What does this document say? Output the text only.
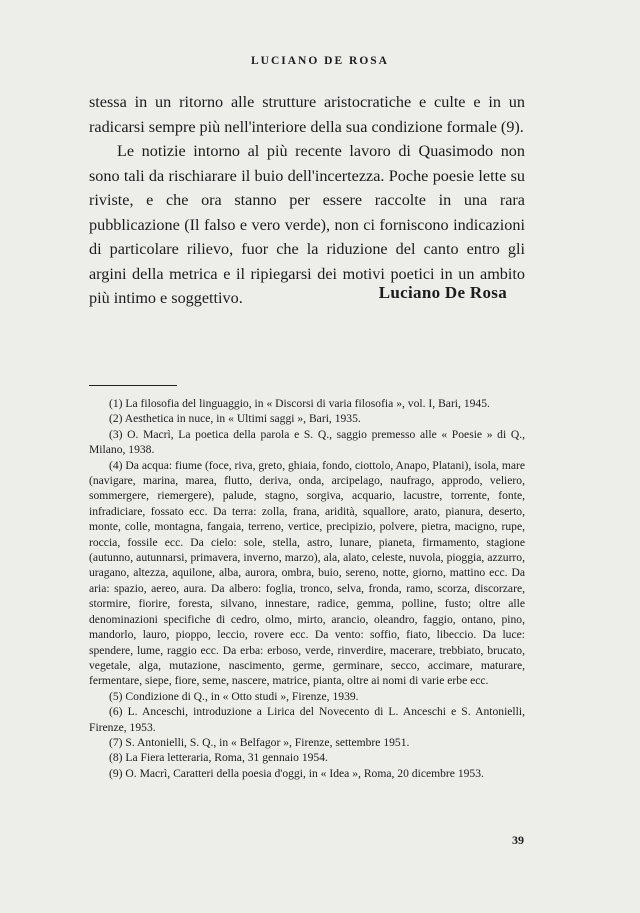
LUCIANO DE ROSA

stessa in un ritorno alle strutture aristocratiche e culte e in un radicarsi sempre più nell'interiore della sua condizione formale (9).

Le notizie intorno al più recente lavoro di Quasimodo non sono tali da rischiarare il buio dell'incertezza. Poche poesie lette su riviste, e che ora stanno per essere raccolte in una rara pubblicazione (Il falso e vero verde), non ci forniscono indicazioni di particolare rilievo, fuor che la riduzione del canto entro gli argini della metrica e il ripiegarsi dei motivi poetici in un ambito più intimo e soggettivo.	Luciano De Rosa

(1) La filosofia del linguaggio, in « Discorsi di varia filosofia », vol. I, Bari, 1945.

(2) Aesthetica in nuce, in « Ultimi saggi », Bari, 1935.

(3) O. Macrì, La poetica della parola e S. Q., saggio premesso alle « Poesie » di Q., Milano, 1938.

(4) Da acqua: fiume (foce, riva, greto, ghiaia, fondo, ciottolo, Anapo, Platani), isola, mare (navigare, marina, marea, flutto, deriva, onda, arcipelago, naufrago, approdo, veliero, sommergere, riemergere), palude, stagno, sorgiva, acquario, lacustre, torrente, fonte, infradiciare, fossato ecc. Da terra: zolla, frana, aridità, squallore, arato, pianura, deserto, monte, colle, montagna, fangaia, terreno, vertice, precipizio, polvere, pietra, macigno, rupe, roccia, fossile ecc. Da cielo: sole, stella, astro, lunare, pianeta, firmamento, stagione (autunno, autunnarsi, primavera, inverno, marzo), ala, alato, celeste, nuvola, pioggia, azzurro, uragano, altezza, aquilone, alba, aurora, ombra, buio, sereno, notte, giorno, mattino ecc. Da aria: spazio, aereo, aura. Da albero: foglia, tronco, selva, fronda, ramo, scorza, discorzare, stormire, fiorire, foresta, silvano, innestare, radice, gemma, polline, fusto; oltre alle denominazioni specifiche di cedro, olmo, mirto, arancio, oleandro, faggio, ontano, pino, mandorlo, lauro, pioppo, leccio, rovere ecc. Da vento: soffio, fiato, libeccio. Da luce: spendere, lume, raggio ecc. Da erba: erboso, verde, rinverdire, macerare, trebbiato, brucato, vegetale, alga, mutazione, nascimento, germe, germinare, secco, accimare, maturare, fermentare, siepe, fiore, seme, nascere, matrice, pianta, oltre ai nomi di varie erbe ecc.

(5) Condizione di Q., in « Otto studi », Firenze, 1939.

(6) L. Anceschi, introduzione a Lirica del Novecento di L. Anceschi e S. Antonielli, Firenze, 1953.

(7) S. Antonielli, S. Q., in « Belfagor », Firenze, settembre 1951.

(8) La Fiera letteraria, Roma, 31 gennaio 1954.

(9) O. Macrì, Caratteri della poesia d'oggi, in « Idea », Roma, 20 dicembre 1953.

39
